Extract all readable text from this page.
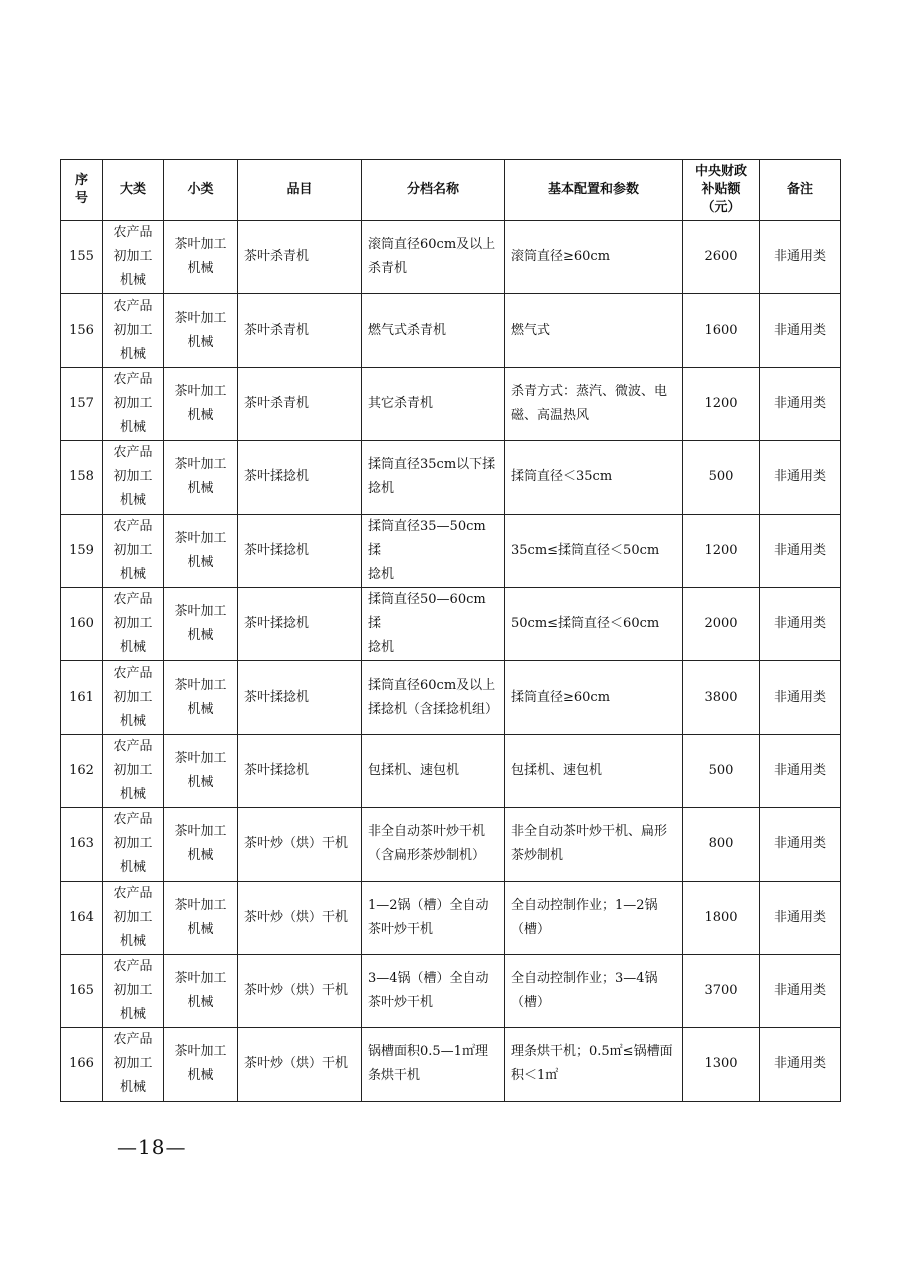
序
号	大类	小类	品目	分档名称	基本配置和参数	中央财政
补贴额
（元）	备注
155	农产品
初加工
机械	茶叶加工
机械	茶叶杀青机	滚筒直径60cm及以上
杀青机	滚筒直径≥60cm	2600	非通用类
156	农产品
初加工
机械	茶叶加工
机械	茶叶杀青机	燃气式杀青机	燃气式	1600	非通用类
157	农产品
初加工
机械	茶叶加工
机械	茶叶杀青机	其它杀青机	杀青方式：蒸汽、微波、电
磁、高温热风	1200	非通用类
158	农产品
初加工
机械	茶叶加工
机械	茶叶揉捻机	揉筒直径35cm以下揉
捻机	揉筒直径＜35cm	500	非通用类
159	农产品
初加工
机械	茶叶加工
机械	茶叶揉捻机	揉筒直径35—50cm揉
捻机	35cm≤揉筒直径＜50cm	1200	非通用类
160	农产品
初加工
机械	茶叶加工
机械	茶叶揉捻机	揉筒直径50—60cm揉
捻机	50cm≤揉筒直径＜60cm	2000	非通用类
161	农产品
初加工
机械	茶叶加工
机械	茶叶揉捻机	揉筒直径60cm及以上
揉捻机（含揉捻机组）	揉筒直径≥60cm	3800	非通用类
162	农产品
初加工
机械	茶叶加工
机械	茶叶揉捻机	包揉机、速包机	包揉机、速包机	500	非通用类
163	农产品
初加工
机械	茶叶加工
机械	茶叶炒（烘）干机	非全自动茶叶炒干机
（含扁形茶炒制机）	非全自动茶叶炒干机、扁形
茶炒制机	800	非通用类
164	农产品
初加工
机械	茶叶加工
机械	茶叶炒（烘）干机	1—2锅（槽）全自动
茶叶炒干机	全自动控制作业；1—2锅
（槽）	1800	非通用类
165	农产品
初加工
机械	茶叶加工
机械	茶叶炒（烘）干机	3—4锅（槽）全自动
茶叶炒干机	全自动控制作业；3—4锅
（槽）	3700	非通用类
166	农产品
初加工
机械	茶叶加工
机械	茶叶炒（烘）干机	锅槽面积0.5—1㎡理
条烘干机	理条烘干机；0.5㎡≤锅槽面
积＜1㎡	1300	非通用类
—18—
